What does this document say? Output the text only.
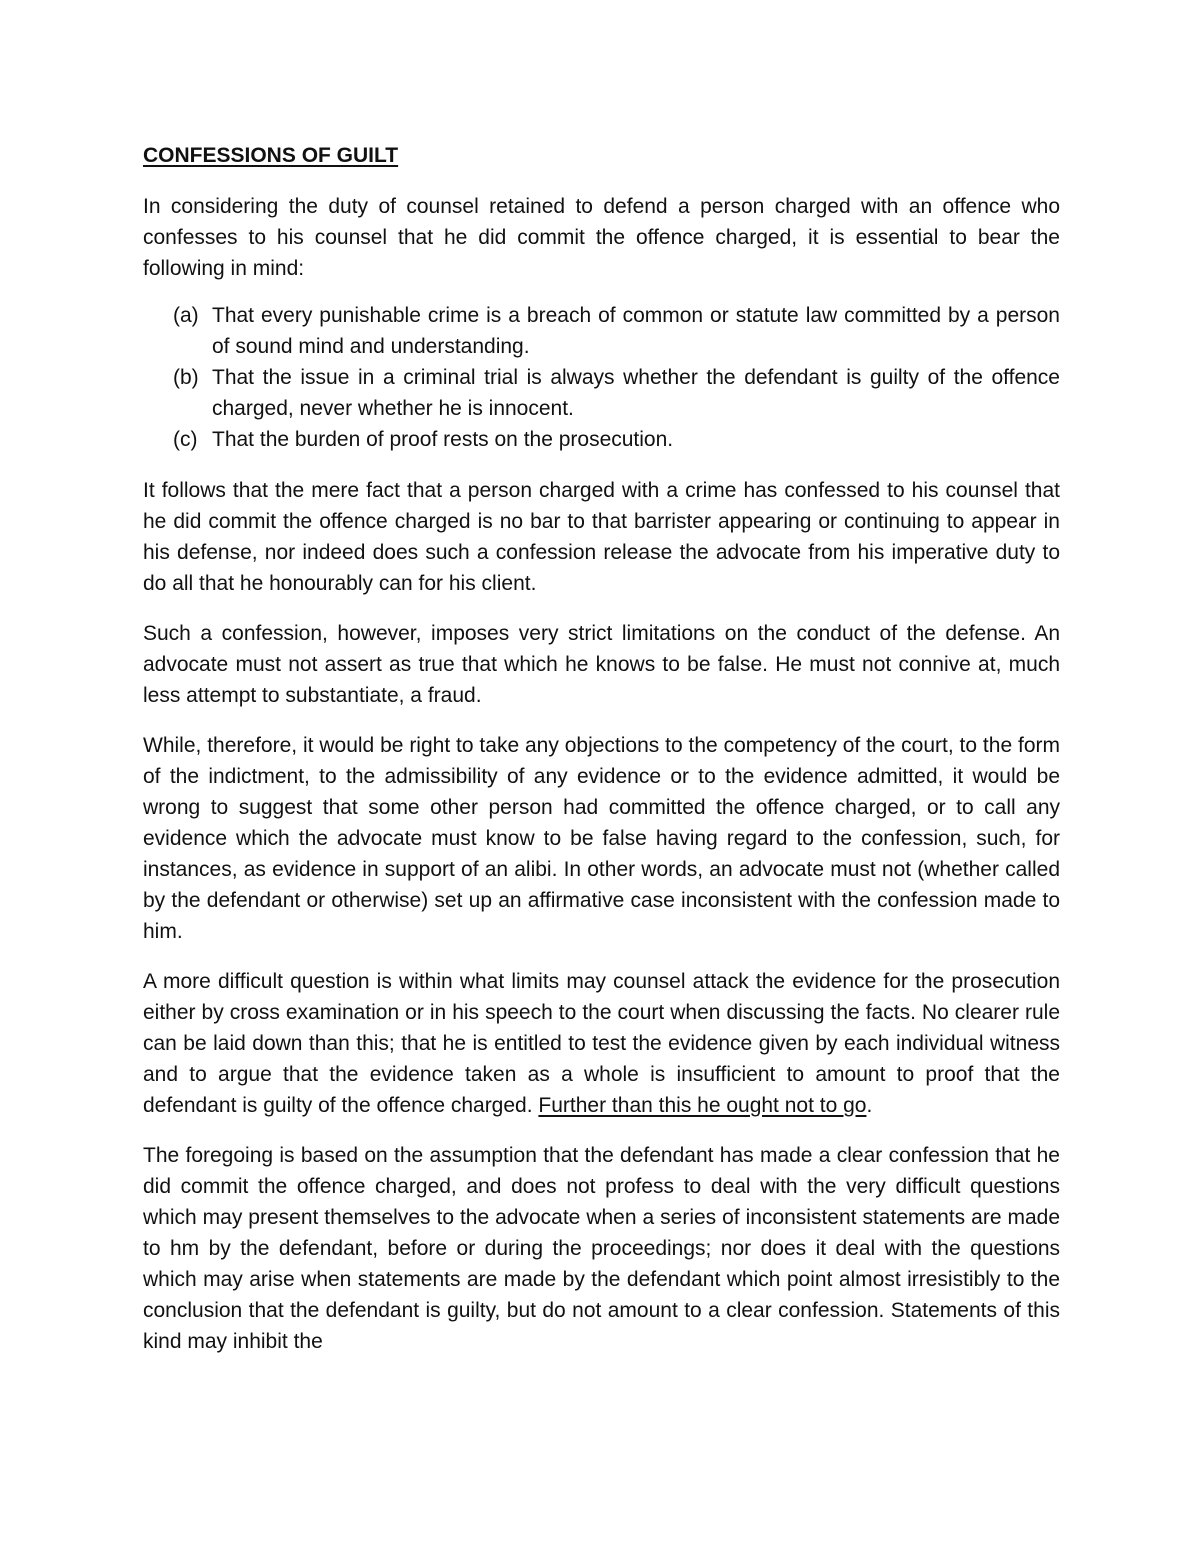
CONFESSIONS OF GUILT

In considering the duty of counsel retained to defend a person charged with an offence who confesses to his counsel that he did commit the offence charged, it is essential to bear the following in mind:

(a) That every punishable crime is a breach of common or statute law committed by a person of sound mind and understanding.
(b) That the issue in a criminal trial is always whether the defendant is guilty of the offence charged, never whether he is innocent.
(c) That the burden of proof rests on the prosecution.

It follows that the mere fact that a person charged with a crime has confessed to his counsel that he did commit the offence charged is no bar to that barrister appearing or continuing to appear in his defense, nor indeed does such a confession release the advocate from his imperative duty to do all that he honourably can for his client.

Such a confession, however, imposes very strict limitations on the conduct of the defense. An advocate must not assert as true that which he knows to be false. He must not connive at, much less attempt to substantiate, a fraud.

While, therefore, it would be right to take any objections to the competency of the court, to the form of the indictment, to the admissibility of any evidence or to the evidence admitted, it would be wrong to suggest that some other person had committed the offence charged, or to call any evidence which the advocate must know to be false having regard to the confession, such, for instances, as evidence in support of an alibi. In other words, an advocate must not (whether called by the defendant or otherwise) set up an affirmative case inconsistent with the confession made to him.

A more difficult question is within what limits may counsel attack the evidence for the prosecution either by cross examination or in his speech to the court when discussing the facts. No clearer rule can be laid down than this; that he is entitled to test the evidence given by each individual witness and to argue that the evidence taken as a whole is insufficient to amount to proof that the defendant is guilty of the offence charged. Further than this he ought not to go.

The foregoing is based on the assumption that the defendant has made a clear confession that he did commit the offence charged, and does not profess to deal with the very difficult questions which may present themselves to the advocate when a series of inconsistent statements are made to hm by the defendant, before or during the proceedings; nor does it deal with the questions which may arise when statements are made by the defendant which point almost irresistibly to the conclusion that the defendant is guilty, but do not amount to a clear confession. Statements of this kind may inhibit the
